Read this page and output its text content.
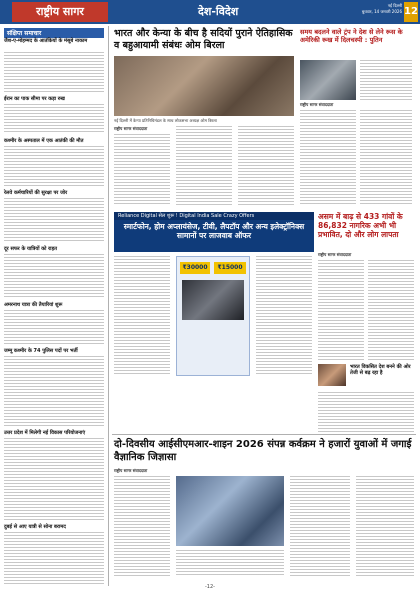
राष्ट्रीय सागर	देश-विदेश	नई दिल्ली
बुधवार, 14 जनवरी 2026 12
संक्षिप्त समाचार
जैश-ए-मोहम्मद के आतंकियों के मंसूबे नाकाम
ईरान का पाक सीमा पर कड़ा रुख
कश्मीर के अस्पताल में एक आतंकी की मौत
रेलवे कर्मचारियों की सुरक्षा पर जोर
दूर सफर के यात्रियों को राहत
अमरनाथ यात्रा की तैयारियां शुरू
जम्मू कश्मीर के 74 पुलिस पदों पर भर्ती
उत्तर प्रदेश में मिलेगी नई विकास परियोजनाएं
दुबई से आए यात्री से सोना बरामद
भारत और केन्या के बीच है सदियों पुराने ऐतिहासिक व बहुआयामी संबंधः ओम बिरला
नई दिल्ली में केन्या प्रतिनिधिमंडल के साथ लोकसभा अध्यक्ष ओम बिरला
राष्ट्रीय सागर संवाददाता
समय बदलने वाले ट्रंप ने देश से लेने रूस के अमेरिकी रूख में दिलचस्पी : पुतिन
राष्ट्रीय सागर संवाददाता
Reliance Digital सेल शुरू ! Digital India Sale Crazy Offers
स्मार्टफोन, होम अप्लायंसेज, टीवी, लैपटॉप और अन्य इलेक्ट्रॉनिक्स सामानों पर लाजवाब ऑफर
₹30000	₹15000
असम में बाढ़ से 433 गांवों के 86,832 नागरिक अभी भी प्रभावित, दो और लोग लापता
राष्ट्रीय सागर संवाददाता
भारत विकसित देश बनने की ओर तेजी से बढ़ रहा है
दो-दिवसीय आईसीएमआर-शाइन 2026 संपन्न कर्वक्रम ने हजारों युवाओं में जगाई वैज्ञानिक जिज्ञासा
राष्ट्रीय सागर संवाददाता
-12-
